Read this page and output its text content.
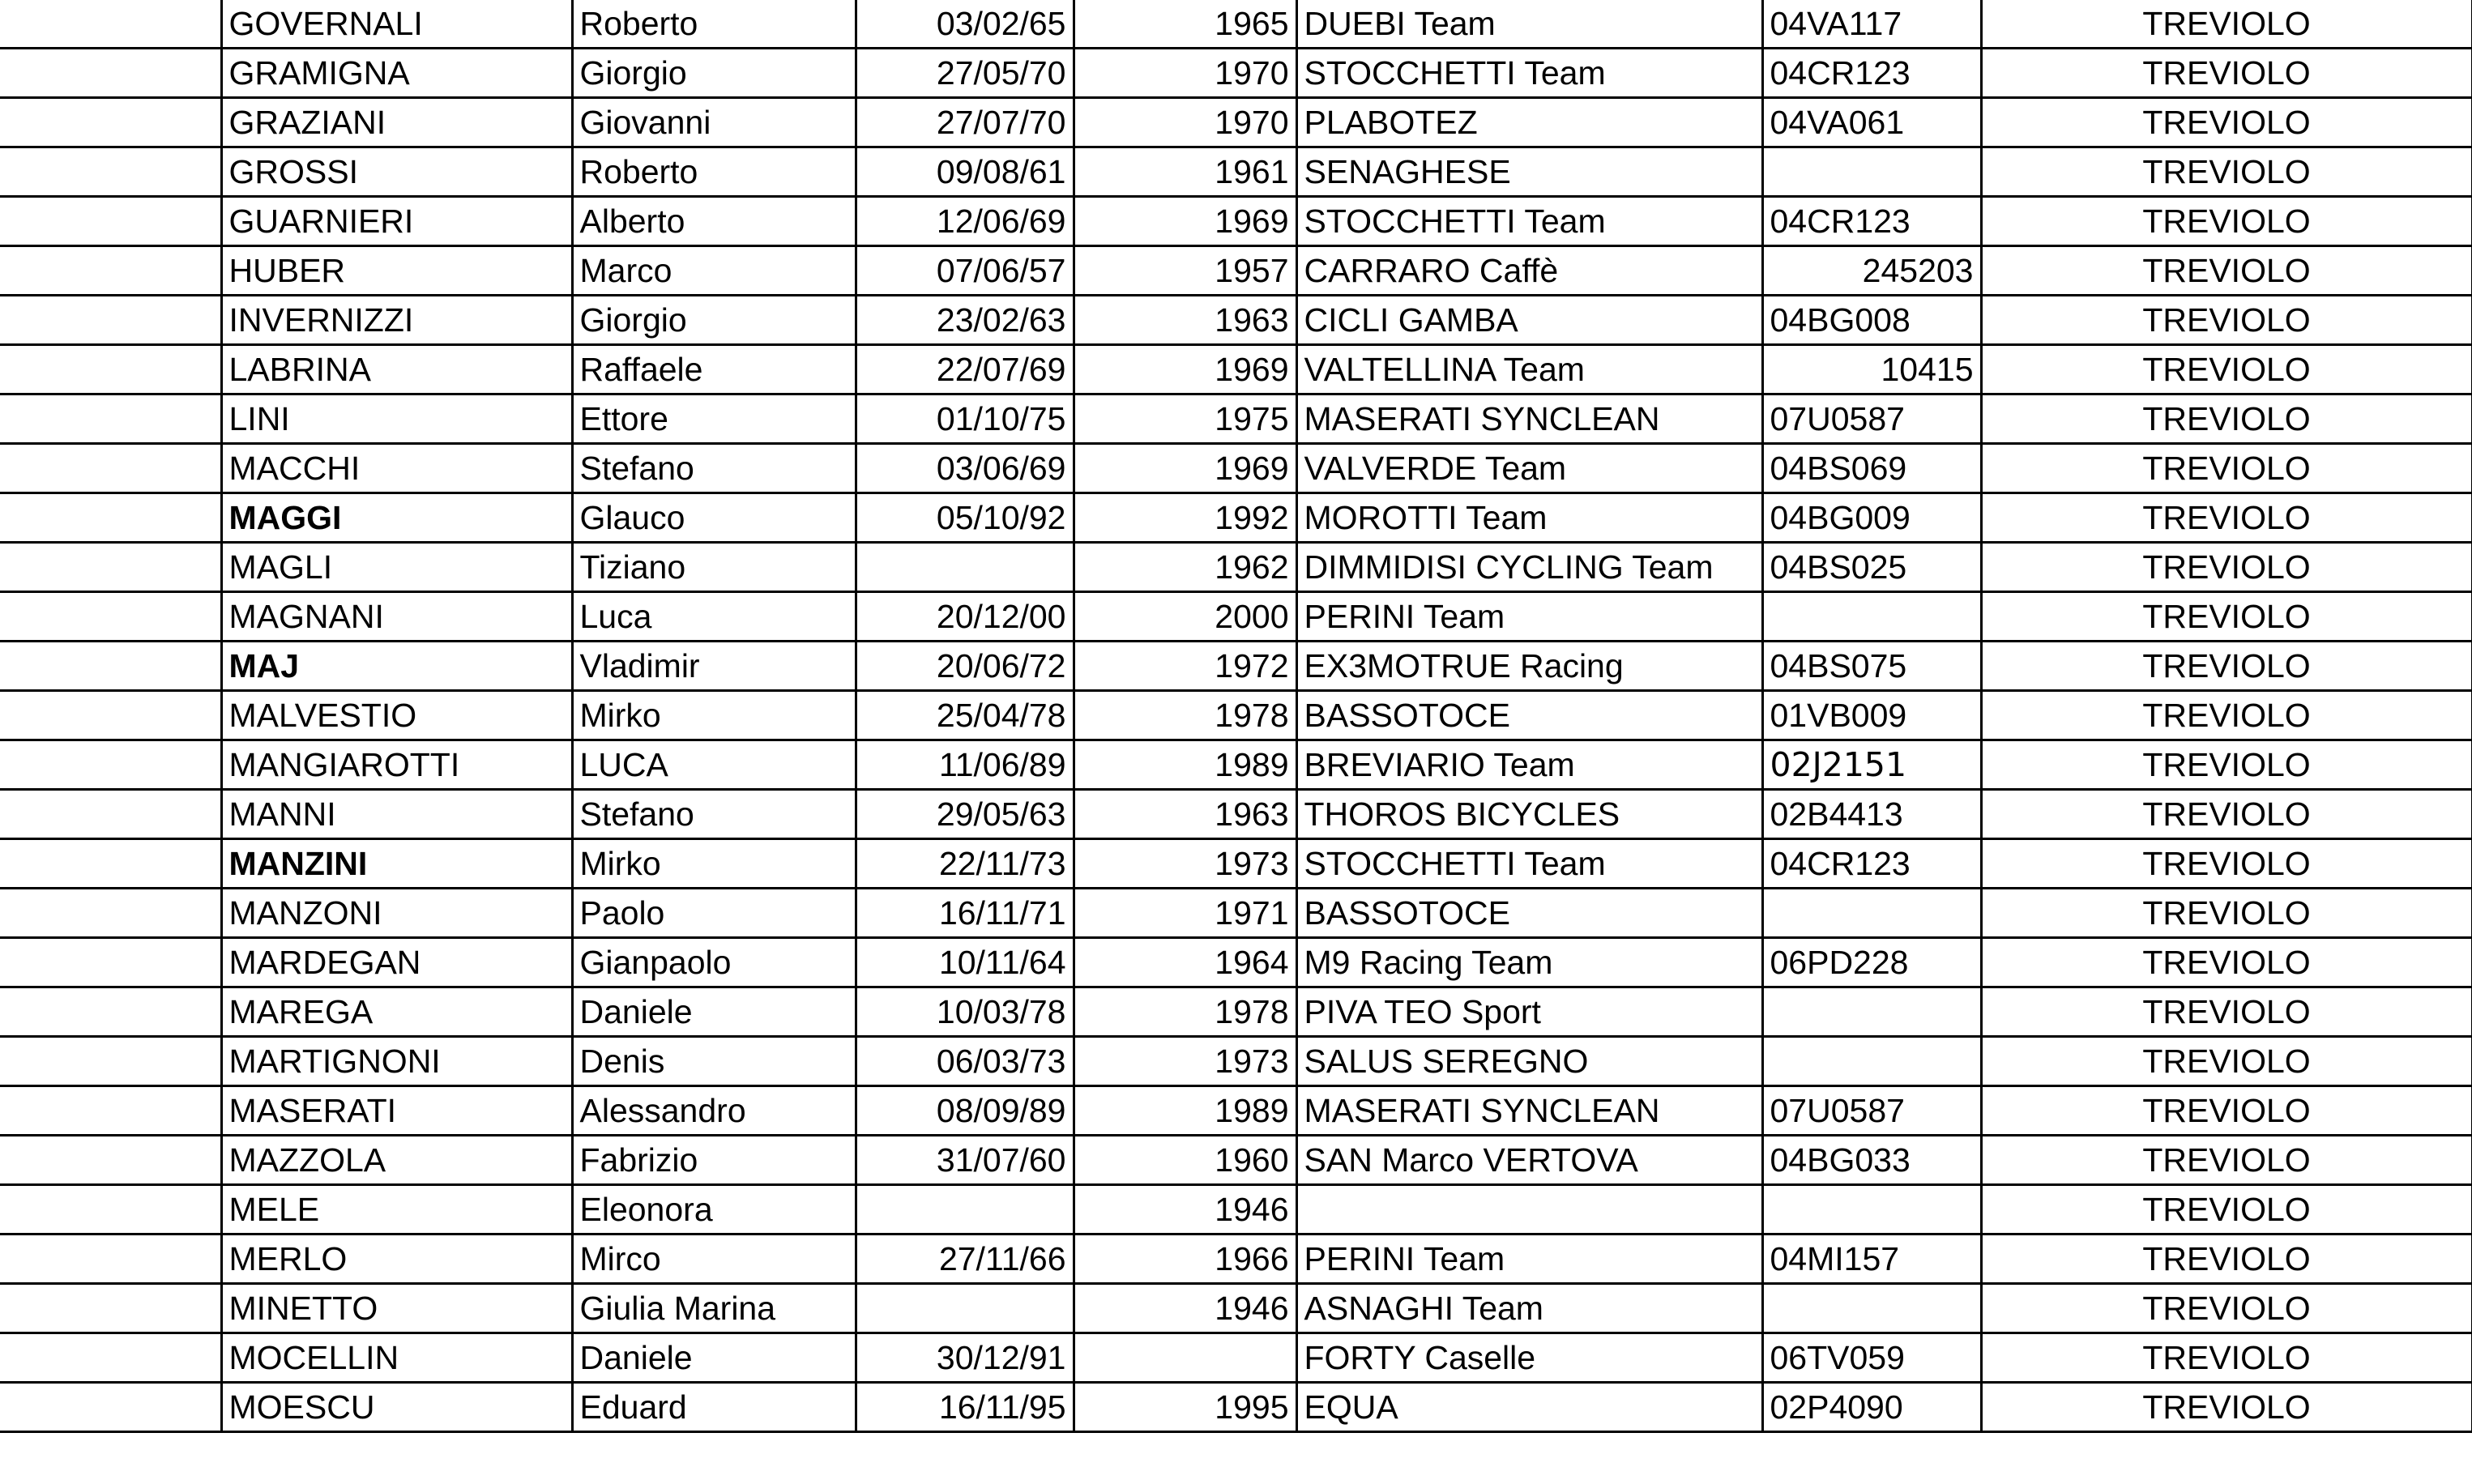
	GOVERNALI	Roberto	03/02/65	1965	DUEBI Team	04VA117	TREVIOLO
	GRAMIGNA	Giorgio	27/05/70	1970	STOCCHETTI Team	04CR123	TREVIOLO
	GRAZIANI	Giovanni	27/07/70	1970	PLABOTEZ	04VA061	TREVIOLO
	GROSSI	Roberto	09/08/61	1961	SENAGHESE		TREVIOLO
	GUARNIERI	Alberto	12/06/69	1969	STOCCHETTI Team	04CR123	TREVIOLO
	HUBER	Marco	07/06/57	1957	CARRARO Caffè	245203	TREVIOLO
	INVERNIZZI	Giorgio	23/02/63	1963	CICLI GAMBA	04BG008	TREVIOLO
	LABRINA	Raffaele	22/07/69	1969	VALTELLINA Team	10415	TREVIOLO
	LINI	Ettore	01/10/75	1975	MASERATI SYNCLEAN	07U0587	TREVIOLO
	MACCHI	Stefano	03/06/69	1969	VALVERDE Team	04BS069	TREVIOLO
	MAGGI	Glauco	05/10/92	1992	MOROTTI Team	04BG009	TREVIOLO
	MAGLI	Tiziano		1962	DIMMIDISI CYCLING Team	04BS025	TREVIOLO
	MAGNANI	Luca	20/12/00	2000	PERINI Team		TREVIOLO
	MAJ	Vladimir	20/06/72	1972	EX3MOTRUE Racing	04BS075	TREVIOLO
	MALVESTIO	Mirko	25/04/78	1978	BASSOTOCE	01VB009	TREVIOLO
	MANGIAROTTI	LUCA	11/06/89	1989	BREVIARIO Team	02J2151	TREVIOLO
	MANNI	Stefano	29/05/63	1963	THOROS BICYCLES	02B4413	TREVIOLO
	MANZINI	Mirko	22/11/73	1973	STOCCHETTI Team	04CR123	TREVIOLO
	MANZONI	Paolo	16/11/71	1971	BASSOTOCE		TREVIOLO
	MARDEGAN	Gianpaolo	10/11/64	1964	M9 Racing Team	06PD228	TREVIOLO
	MAREGA	Daniele	10/03/78	1978	PIVA TEO Sport		TREVIOLO
	MARTIGNONI	Denis	06/03/73	1973	SALUS SEREGNO		TREVIOLO
	MASERATI	Alessandro	08/09/89	1989	MASERATI SYNCLEAN	07U0587	TREVIOLO
	MAZZOLA	Fabrizio	31/07/60	1960	SAN Marco VERTOVA	04BG033	TREVIOLO
	MELE	Eleonora		1946			TREVIOLO
	MERLO	Mirco	27/11/66	1966	PERINI Team	04MI157	TREVIOLO
	MINETTO	Giulia Marina		1946	ASNAGHI Team		TREVIOLO
	MOCELLIN	Daniele	30/12/91		FORTY Caselle	06TV059	TREVIOLO
	MOESCU	Eduard	16/11/95	1995	EQUA	02P4090	TREVIOLO
